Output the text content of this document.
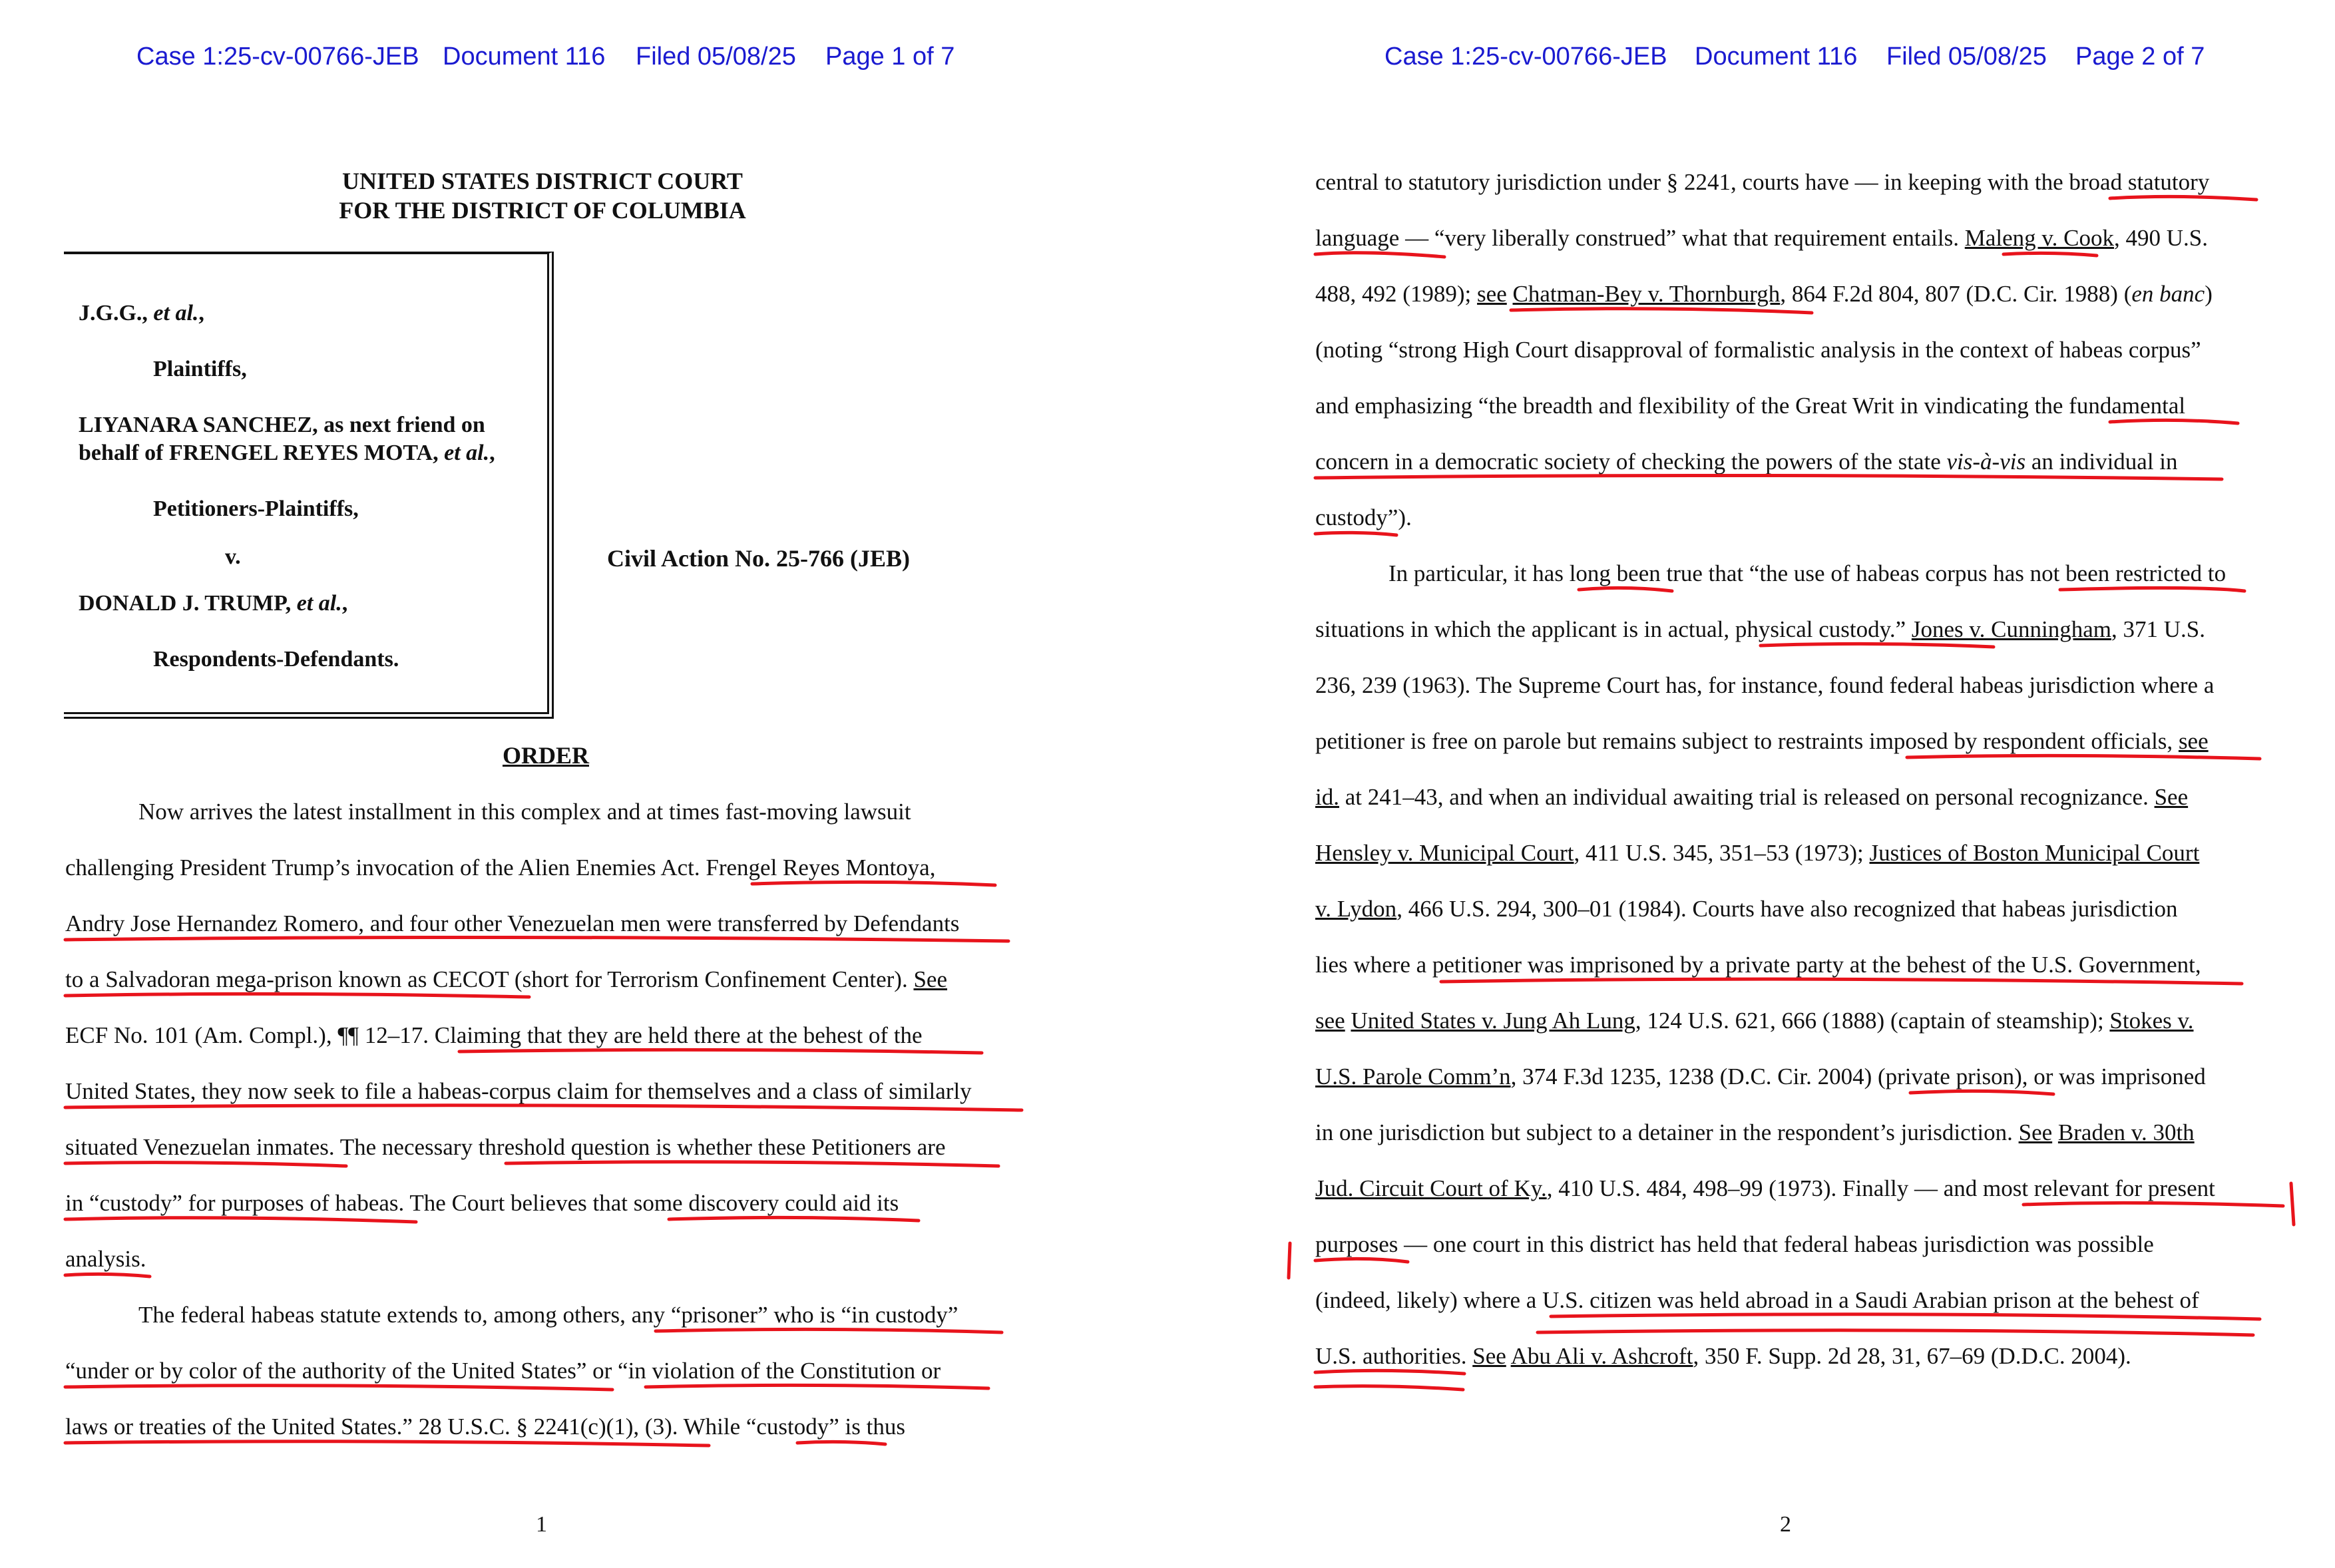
Case 1:25-cv-00766-JEB Document 116 Filed 05/08/25 Page 1 of 7
UNITED STATES DISTRICT COURT
FOR THE DISTRICT OF COLUMBIA
J.G.G., et al.,
Plaintiffs,
LIYANARA SANCHEZ, as next friend on
behalf of FRENGEL REYES MOTA, et al.,
Petitioners-Plaintiffs,
v.
DONALD J. TRUMP, et al.,
Respondents-Defendants.
Civil Action No. 25-766 (JEB)
ORDER
Now arrives the latest installment in this complex and at times fast-moving lawsuit
challenging President Trump’s invocation of the Alien Enemies Act. Frengel Reyes Montoya,
Andry Jose Hernandez Romero, and four other Venezuelan men were transferred by Defendants
to a Salvadoran mega-prison known as CECOT (short for Terrorism Confinement Center). See
ECF No. 101 (Am. Compl.), ¶¶ 12–17. Claiming that they are held there at the behest of the
United States, they now seek to file a habeas-corpus claim for themselves and a class of similarly
situated Venezuelan inmates. The necessary threshold question is whether these Petitioners are
in “custody” for purposes of habeas. The Court believes that some discovery could aid its
analysis.
The federal habeas statute extends to, among others, any “prisoner” who is “in custody”
“under or by color of the authority of the United States” or “in violation of the Constitution or
laws or treaties of the United States.” 28 U.S.C. § 2241(c)(1), (3). While “custody” is thus
1
Case 1:25-cv-00766-JEB Document 116 Filed 05/08/25 Page 2 of 7
central to statutory jurisdiction under § 2241, courts have — in keeping with the broad statutory
language — “very liberally construed” what that requirement entails. Maleng v. Cook, 490 U.S.
488, 492 (1989); see Chatman-Bey v. Thornburgh, 864 F.2d 804, 807 (D.C. Cir. 1988) (en banc)
(noting “strong High Court disapproval of formalistic analysis in the context of habeas corpus”
and emphasizing “the breadth and flexibility of the Great Writ in vindicating the fundamental
concern in a democratic society of checking the powers of the state vis-à-vis an individual in
custody”).
In particular, it has long been true that “the use of habeas corpus has not been restricted to
situations in which the applicant is in actual, physical custody.” Jones v. Cunningham, 371 U.S.
236, 239 (1963). The Supreme Court has, for instance, found federal habeas jurisdiction where a
petitioner is free on parole but remains subject to restraints imposed by respondent officials, see
id. at 241–43, and when an individual awaiting trial is released on personal recognizance. See
Hensley v. Municipal Court, 411 U.S. 345, 351–53 (1973); Justices of Boston Municipal Court
v. Lydon, 466 U.S. 294, 300–01 (1984). Courts have also recognized that habeas jurisdiction
lies where a petitioner was imprisoned by a private party at the behest of the U.S. Government,
see United States v. Jung Ah Lung, 124 U.S. 621, 666 (1888) (captain of steamship); Stokes v.
U.S. Parole Comm’n, 374 F.3d 1235, 1238 (D.C. Cir. 2004) (private prison), or was imprisoned
in one jurisdiction but subject to a detainer in the respondent’s jurisdiction. See Braden v. 30th
Jud. Circuit Court of Ky., 410 U.S. 484, 498–99 (1973). Finally — and most relevant for present
purposes — one court in this district has held that federal habeas jurisdiction was possible
(indeed, likely) where a U.S. citizen was held abroad in a Saudi Arabian prison at the behest of
U.S. authorities. See Abu Ali v. Ashcroft, 350 F. Supp. 2d 28, 31, 67–69 (D.D.C. 2004).
2
